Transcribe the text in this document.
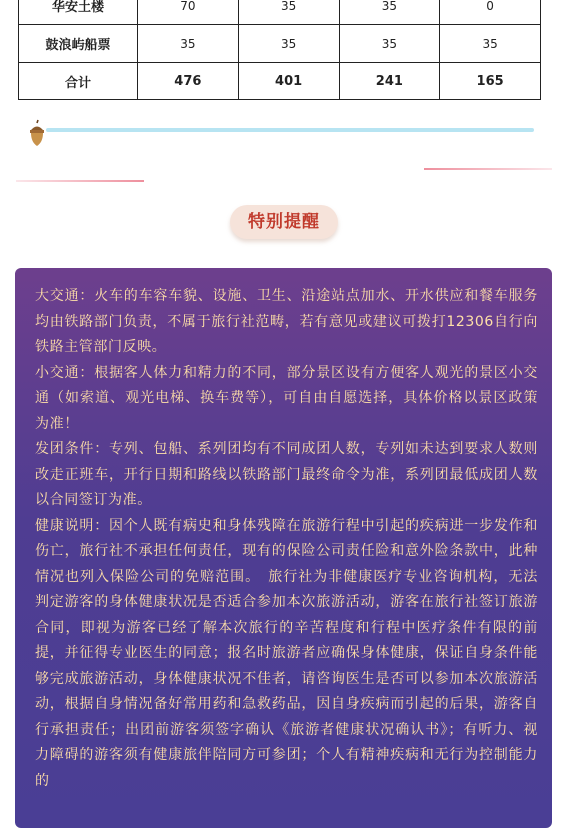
华安土楼	70	35	35	0
鼓浪屿船票	35	35	35	35
合计	476	401	241	165
特别提醒

大交通：火车的车容车貌、设施、卫生、沿途站点加水、开水供应和餐车服务均由铁路部门负责，不属于旅行社范畴，若有意见或建议可拨打12306自行向铁路主管部门反映。

小交通：根据客人体力和精力的不同，部分景区设有方便客人观光的景区小交通（如索道、观光电梯、换车费等），可自由自愿选择，具体价格以景区政策为准！

发团条件：专列、包船、系列团均有不同成团人数，专列如未达到要求人数则改走正班车，开行日期和路线以铁路部门最终命令为准，系列团最低成团人数以合同签订为准。

健康说明：因个人既有病史和身体残障在旅游行程中引起的疾病进一步发作和伤亡，旅行社不承担任何责任，现有的保险公司责任险和意外险条款中，此种情况也列入保险公司的免赔范围。　旅行社为非健康医疗专业咨询机构，无法判定游客的身体健康状况是否适合参加本次旅游活动，游客在旅行社签订旅游合同，即视为游客已经了解本次旅行的辛苦程度和行程中医疗条件有限的前提，并征得专业医生的同意；报名时旅游者应确保身体健康，保证自身条件能够完成旅游活动，身体健康状况不佳者，请咨询医生是否可以参加本次旅游活动，根据自身情况备好常用药和急救药品，因自身疾病而引起的后果，游客自行承担责任；出团前游客须签字确认《旅游者健康状况确认书》；有听力、视力障碍的游客须有健康旅伴陪同方可参团；个人有精神疾病和无行为控制能力的
